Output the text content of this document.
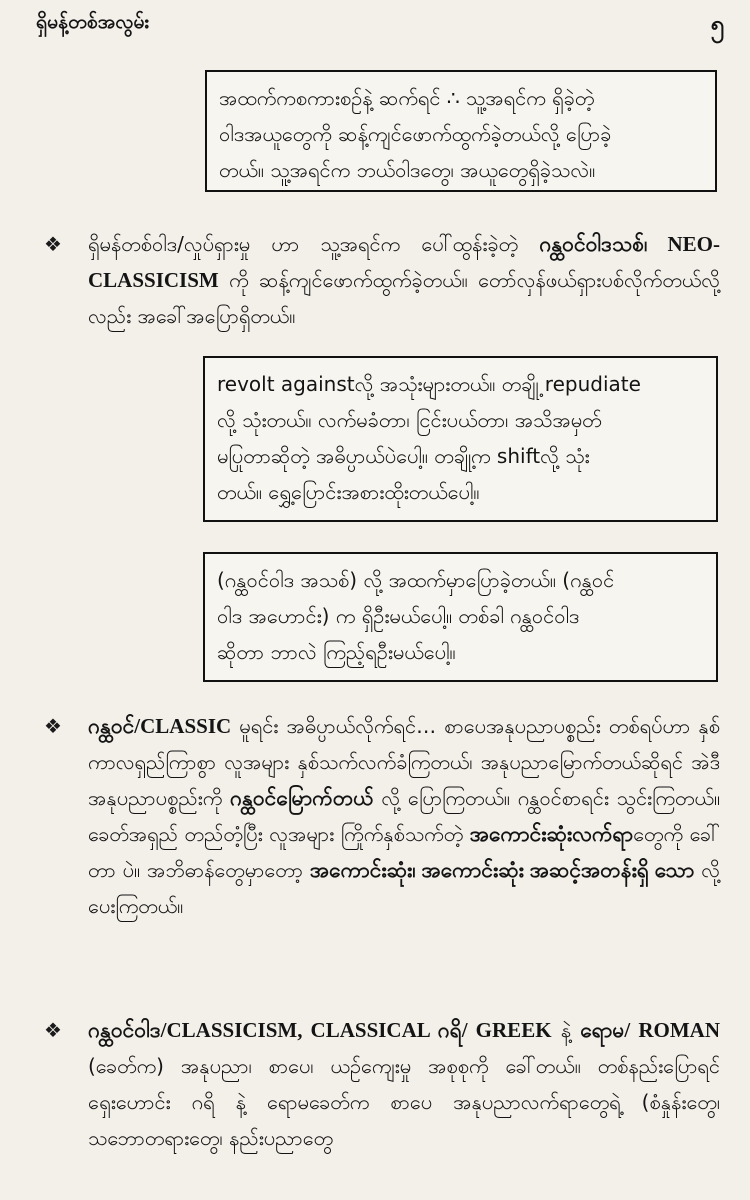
ရှိမန့်တစ်အလွမ်း	၅

အထက်ကစကားစဉ်နဲ့ ဆက်ရင် ∴ သူ့အရင်က ရှိခဲ့တဲ့

ဝါဒအယူတွေကို ဆန့်ကျင်ဖောက်ထွက်ခဲ့တယ်လို့ ပြောခဲ့

တယ်။ သူ့အရင်က ဘယ်ဝါဒတွေ၊ အယူတွေရှိခဲ့သလဲ။

❖ ရှိမန်တစ်ဝါဒ/လှုပ်ရှားမှု ဟာ သူ့အရင်က ပေါ်ထွန်းခဲ့တဲ့ ဂန္ထဝင်ဝါဒသစ်၊ NEO-CLASSICISM ကို ဆန့်ကျင်ဖောက်ထွက်ခဲ့တယ်။ တော်လှန်ဖယ်ရှားပစ်လိုက်တယ်လို့လည်း အခေါ်အပြောရှိတယ်။

revolt againstလို့ အသုံးများတယ်။ တချို့ repudiate

လို့ သုံးတယ်။ လက်မခံတာ၊ ငြင်းပယ်တာ၊ အသိအမှတ်

မပြုတာဆိုတဲ့ အဓိပ္ပာယ်ပဲပေါ့။ တချို့က shiftလို့ သုံး

တယ်။ ရွှေ့ပြောင်းအစားထိုးတယ်ပေါ့။

(ဂန္ထဝင်ဝါဒ အသစ်) လို့ အထက်မှာပြောခဲ့တယ်။ (ဂန္ထဝင်

ဝါဒ အဟောင်း) က ရှိဦးမယ်ပေါ့။ တစ်ခါ ဂန္ထဝင်ဝါဒ

ဆိုတာ ဘာလဲ ကြည့်ရဦးမယ်ပေါ့။

❖ ဂန္ထဝင်/CLASSIC မူရင်း အဓိပ္ပာယ်လိုက်ရင်… စာပေအနုပညာပစ္စည်း တစ်ရပ်ဟာ နှစ်ကာလရှည်ကြာစွာ လူအများ နှစ်သက်လက်ခံကြတယ်၊ အနုပညာမြောက်တယ်ဆိုရင် အဲဒီ အနုပညာပစ္စည်းကို ဂန္ထဝင်မြောက်တယ် လို့ ပြောကြတယ်။ ဂန္ထဝင်စာရင်း သွင်းကြတယ်။ ခေတ်အရှည် တည်တံ့ပြီး လူအများ ကြိုက်နှစ်သက်တဲ့ အကောင်းဆုံးလက်ရာတွေကို ခေါ်တာ ပဲ။ အဘိဓာန်တွေမှာတော့ အကောင်းဆုံး၊ အကောင်းဆုံး အဆင့်အတန်းရှိ သော လို့ ပေးကြတယ်။

❖ ဂန္ထဝင်ဝါဒ/CLASSICISM, CLASSICAL ဂရိ/ GREEK နဲ့ ရောမ/ ROMAN (ခေတ်က) အနုပညာ၊ စာပေ၊ ယဉ်ကျေးမှု အစုစုကို ခေါ်တယ်။ တစ်နည်းပြောရင် ရှေးဟောင်း ဂရိ နဲ့ ရောမခေတ်က စာပေ အနုပညာလက်ရာတွေရဲ့ (စံနှုန်းတွေ၊ သဘောတရားတွေ၊ နည်းပညာတွေ
